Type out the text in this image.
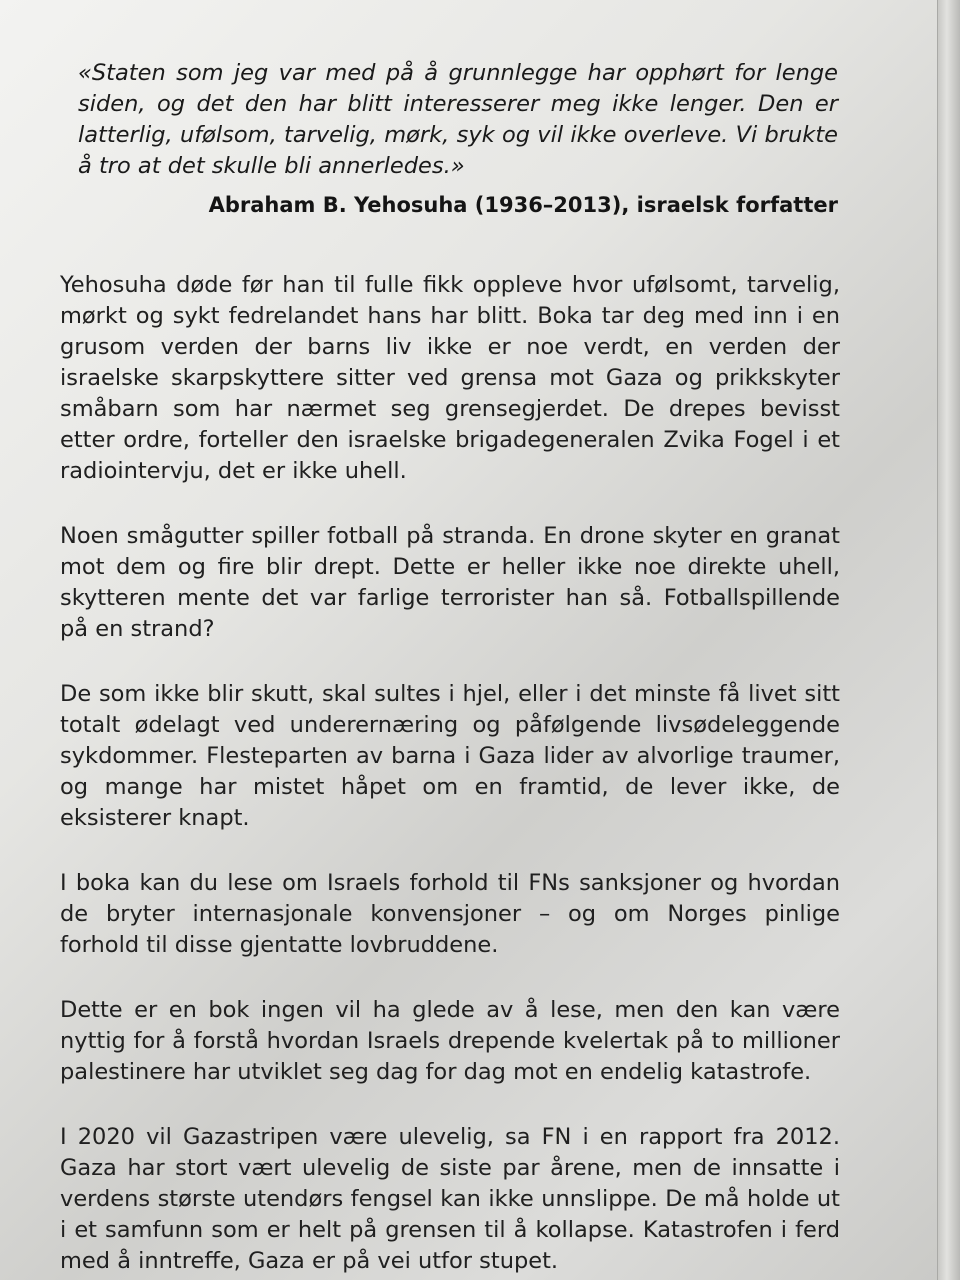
«Staten som jeg var med på å grunnlegge har opphørt for lenge siden, og det den har blitt interesserer meg ikke lenger. Den er latterlig, ufølsom, tarvelig, mørk, syk og vil ikke overleve. Vi brukte å tro at det skulle bli annerledes.»

Abraham B. Yehosuha (1936–2013), israelsk forfatter

Yehosuha døde før han til fulle fikk oppleve hvor ufølsomt, tarvelig, mørkt og sykt fedrelandet hans har blitt. Boka tar deg med inn i en grusom verden der barns liv ikke er noe verdt, en verden der israelske skarpskyttere sitter ved grensa mot Gaza og prikkskyter småbarn som har nærmet seg grensegjerdet. De drepes bevisst etter ordre, forteller den israelske brigadegeneralen Zvika Fogel i et radiointervju, det er ikke uhell.

Noen smågutter spiller fotball på stranda. En drone skyter en granat mot dem og fire blir drept. Dette er heller ikke noe direkte uhell, skytteren mente det var farlige terrorister han så. Fotballspillende på en strand?

De som ikke blir skutt, skal sultes i hjel, eller i det minste få livet sitt totalt ødelagt ved underernæring og påfølgende livsødeleggende sykdommer. Flesteparten av barna i Gaza lider av alvorlige traumer, og mange har mistet håpet om en framtid, de lever ikke, de eksisterer knapt.

I boka kan du lese om Israels forhold til FNs sanksjoner og hvordan de bryter internasjonale konvensjoner – og om Norges pinlige forhold til disse gjentatte lovbruddene.

Dette er en bok ingen vil ha glede av å lese, men den kan være nyttig for å forstå hvordan Israels drepende kvelertak på to millioner palestinere har utviklet seg dag for dag mot en endelig katastrofe.

I 2020 vil Gazastripen være ulevelig, sa FN i en rapport fra 2012. Gaza har stort vært ulevelig de siste par årene, men de innsatte i verdens største utendørs fengsel kan ikke unnslippe. De må holde ut i et samfunn som er helt på grensen til å kollapse. Katastrofen i ferd med å inntreffe, Gaza er på vei utfor stupet.
